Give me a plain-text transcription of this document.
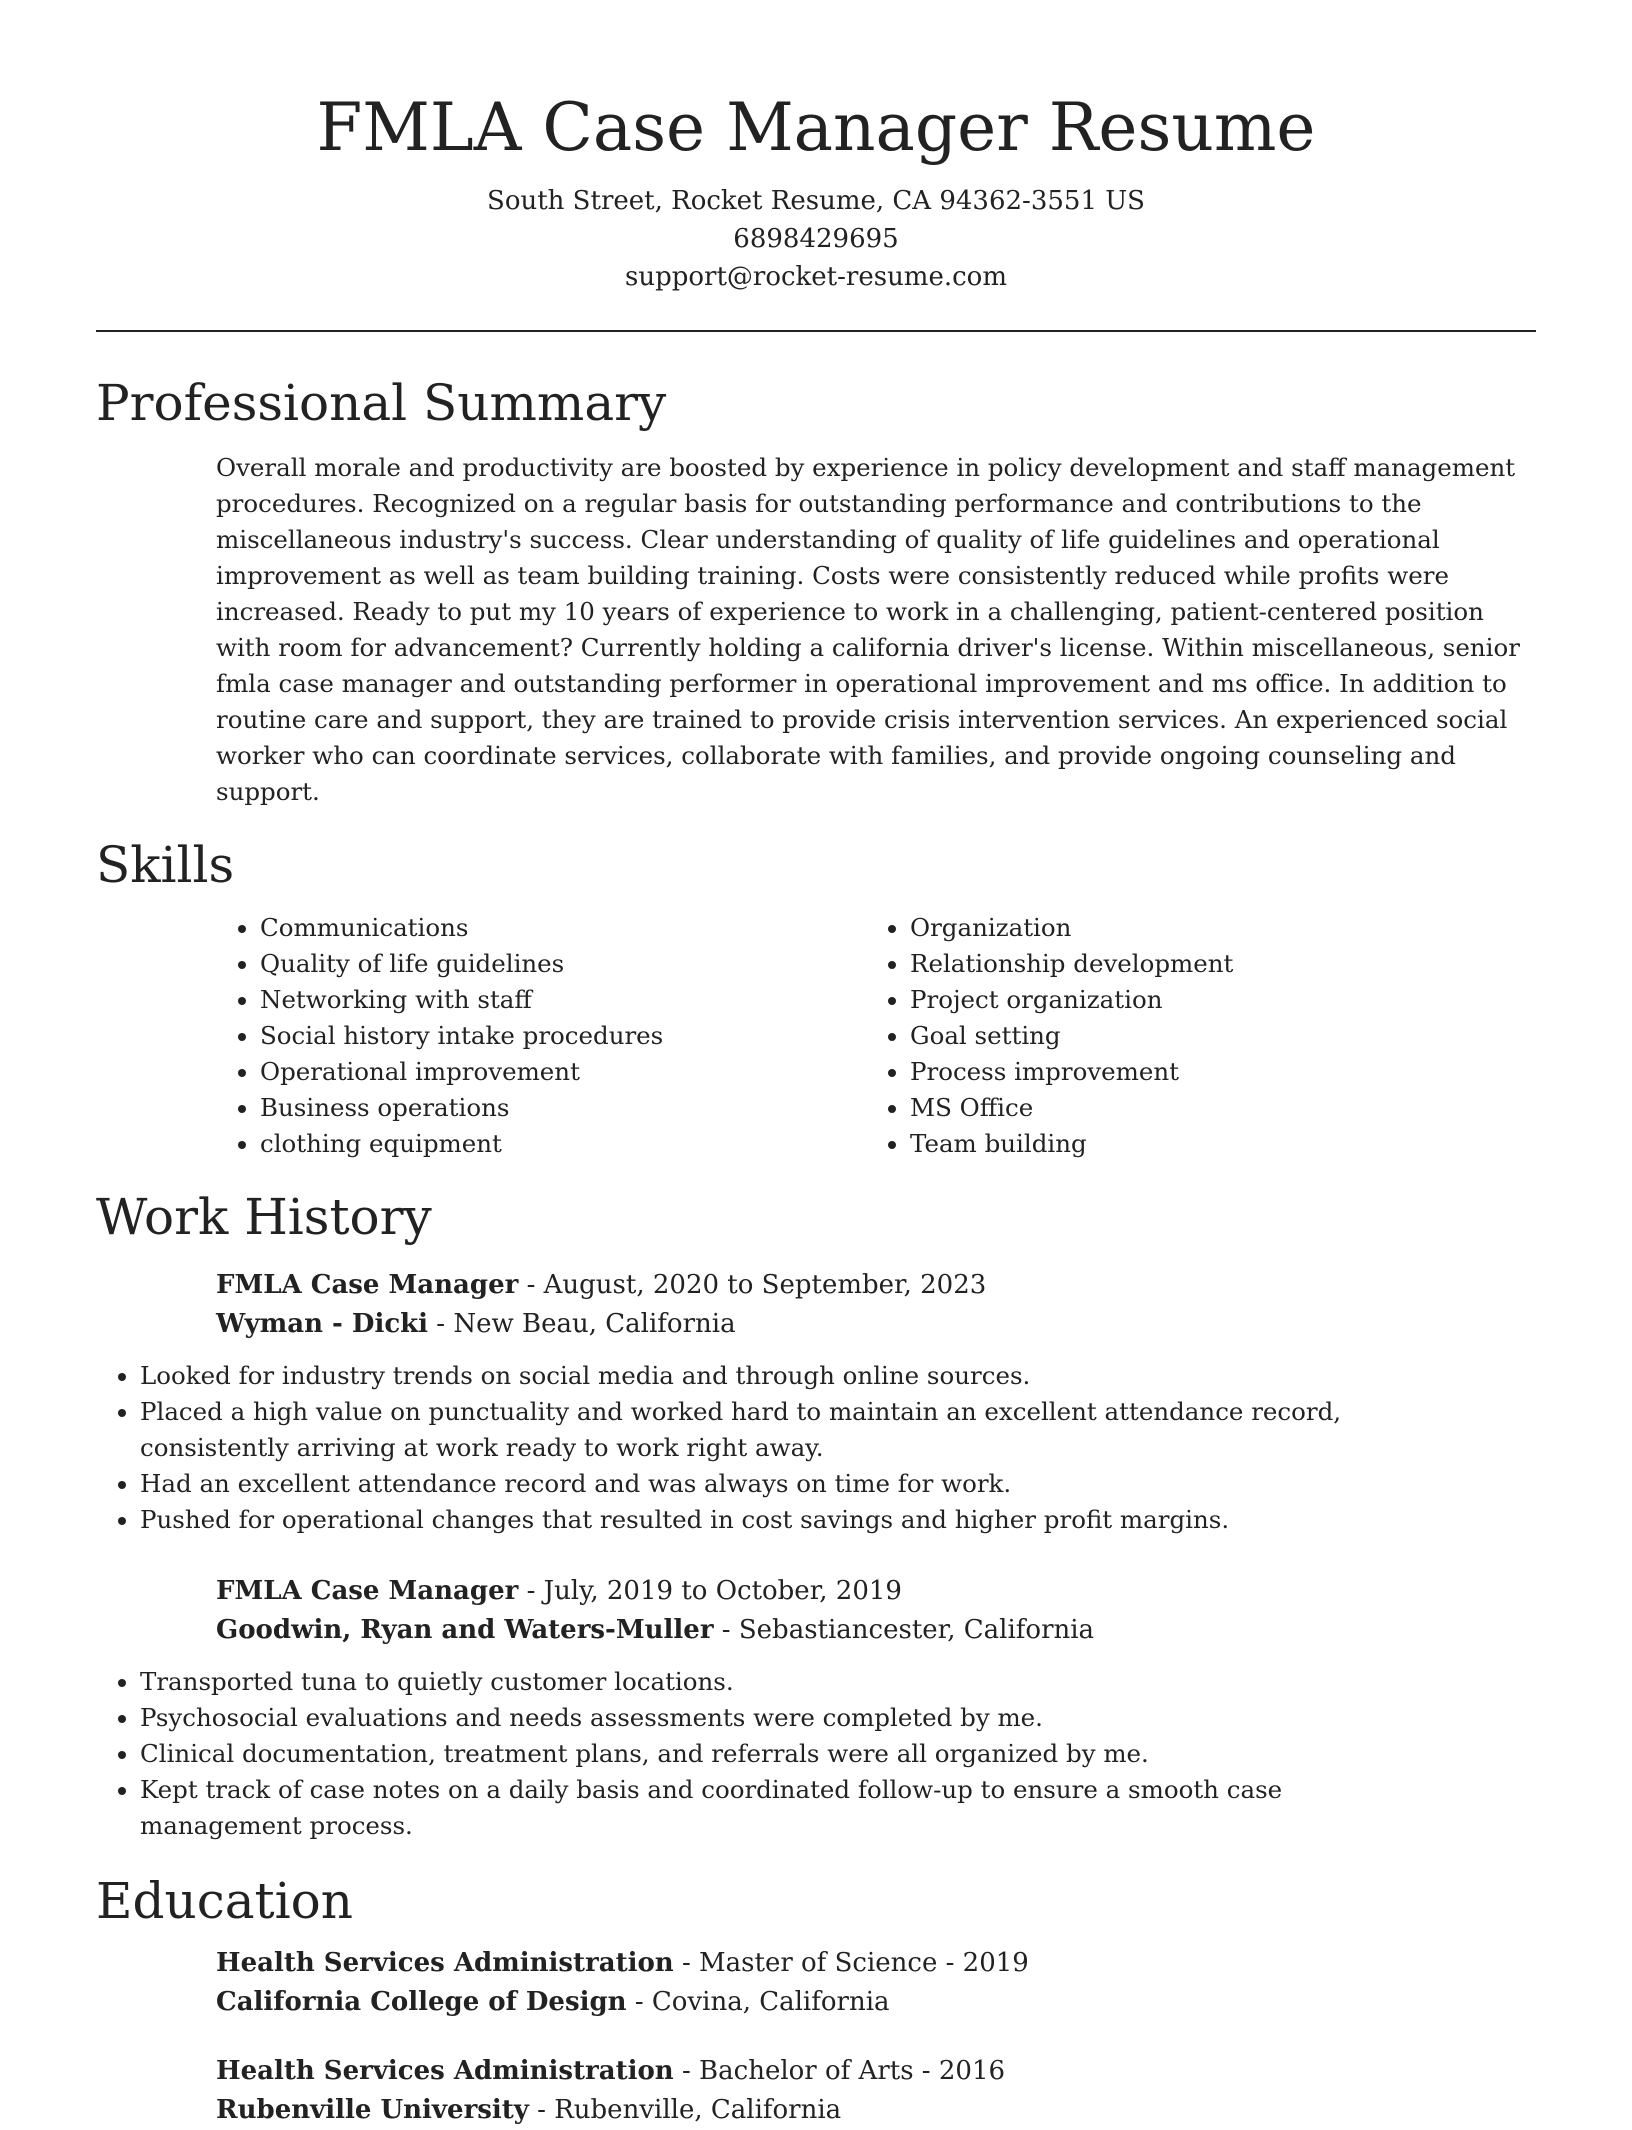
FMLA Case Manager Resume
South Street, Rocket Resume, CA 94362-3551 US
6898429695
support@rocket-resume.com
Professional Summary
Overall morale and productivity are boosted by experience in policy development and staff management procedures. Recognized on a regular basis for outstanding performance and contributions to the miscellaneous industry's success. Clear understanding of quality of life guidelines and operational improvement as well as team building training. Costs were consistently reduced while profits were increased. Ready to put my 10 years of experience to work in a challenging, patient-centered position with room for advancement? Currently holding a california driver's license. Within miscellaneous, senior fmla case manager and outstanding performer in operational improvement and ms office. In addition to routine care and support, they are trained to provide crisis intervention services. An experienced social worker who can coordinate services, collaborate with families, and provide ongoing counseling and support.
Skills
• Communications
• Quality of life guidelines
• Networking with staff
• Social history intake procedures
• Operational improvement
• Business operations
• clothing equipment
• Organization
• Relationship development
• Project organization
• Goal setting
• Process improvement
• MS Office
• Team building
Work History
FMLA Case Manager - August, 2020 to September, 2023
Wyman - Dicki - New Beau, California
• Looked for industry trends on social media and through online sources.
• Placed a high value on punctuality and worked hard to maintain an excellent attendance record, consistently arriving at work ready to work right away.
• Had an excellent attendance record and was always on time for work.
• Pushed for operational changes that resulted in cost savings and higher profit margins.
FMLA Case Manager - July, 2019 to October, 2019
Goodwin, Ryan and Waters-Muller - Sebastiancester, California
• Transported tuna to quietly customer locations.
• Psychosocial evaluations and needs assessments were completed by me.
• Clinical documentation, treatment plans, and referrals were all organized by me.
• Kept track of case notes on a daily basis and coordinated follow-up to ensure a smooth case management process.
Education
Health Services Administration - Master of Science - 2019
California College of Design - Covina, California
Health Services Administration - Bachelor of Arts - 2016
Rubenville University - Rubenville, California
